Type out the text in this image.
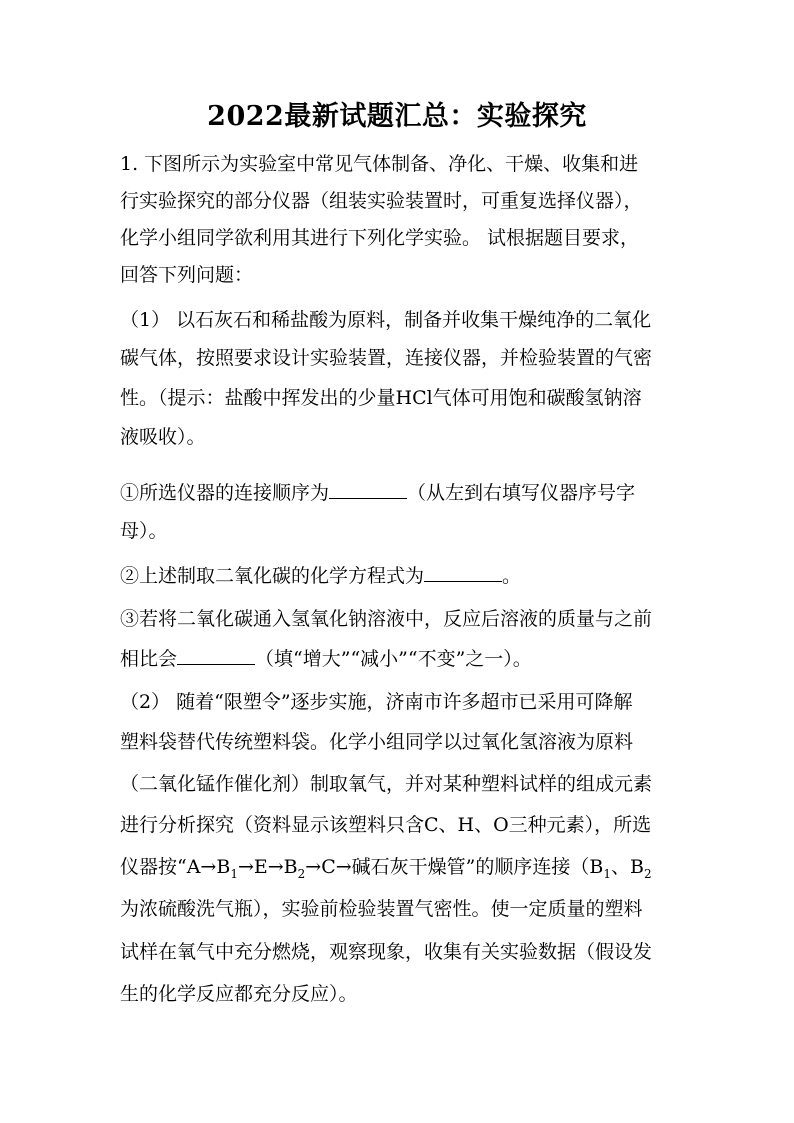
2022最新试题汇总：实验探究
1. 下图所示为实验室中常见气体制备、净化、干燥、收集和进
行实验探究的部分仪器（组装实验装置时，可重复选择仪器），
化学小组同学欲利用其进行下列化学实验。 试根据题目要求，
回答下列问题：
（1） 以石灰石和稀盐酸为原料，制备并收集干燥纯净的二氧化
碳气体，按照要求设计实验装置，连接仪器，并检验装置的气密
性。（提示：盐酸中挥发出的少量HCl气体可用饱和碳酸氢钠溶
液吸收）。
①所选仪器的连接顺序为	（从左到右填写仪器序号字
母）。
②上述制取二氧化碳的化学方程式为	。
③若将二氧化碳通入氢氧化钠溶液中，反应后溶液的质量与之前
相比会	（填“增大”“减小”“不变”之一）。
（2） 随着“限塑令”逐步实施，济南市许多超市已采用可降解
塑料袋替代传统塑料袋。化学小组同学以过氧化氢溶液为原料
（二氧化锰作催化剂）制取氧气，并对某种塑料试样的组成元素
进行分析探究（资料显示该塑料只含C、H、O三种元素），所选
仪器按“$A\to B_1\to E\to B_2\to C\to$碱石灰干燥管”的顺序连接（$B_1$、$B_2$
为浓硫酸洗气瓶），实验前检验装置气密性。使一定质量的塑料
试样在氧气中充分燃烧，观察现象，收集有关实验数据（假设发
生的化学反应都充分反应）。
